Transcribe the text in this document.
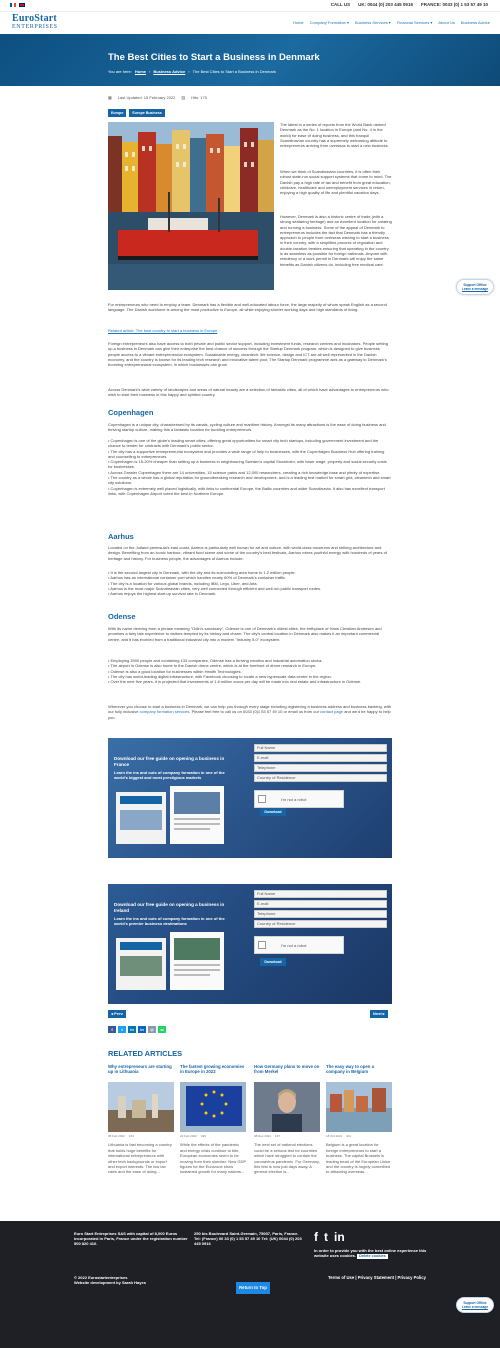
CALL US UK: 0044 (0) 203 445 0916 FRANCE: 0033 (0) 1 53 57 49 10
EuroStart
ENTERPRISES
Home Company Formation ▾ Business Services ▾ Financial Services ▾ About Us Business Advice
The Best Cities to Start a Business in Denmark
You are here: Home › Business Advice › The Best Cities to Start a Business in Denmark
▦ Last Updated: 15 February 2022 ▥ Hits: 175
Europe	Europe Business
The latest in a series of reports from the World Bank ranked Denmark as the No. 1 location in Europe (and No. 4 in the world) for ease of doing business, and this tranquil Scandinavian country has a supremely welcoming attitude to entrepreneurs arriving from overseas to start a new business.
When we think of Scandinavian countries, it is often their robust state-run social support systems that come to mind. The Danish pay a high rate of tax and benefit from great education, childcare, healthcare and unemployment services in return, enjoying a high quality of life and plentiful vacation days.
However, Denmark is also a historic centre of trade (with a strong seafaring heritage) and an excellent location for creating and running a business. Some of the appeal of Denmark to entrepreneurs includes the fact that Denmark has a friendly approach to people from overseas wishing to start a business in their country, with a simplified process of regulation and double-taxation treaties ensuring that operating in the country is as seamless as possible for foreign nationals. Anyone with residency or a work permit in Denmark will enjoy the same benefits as Danish citizens do, including free medical care.
For entrepreneurs who need to employ a team, Denmark has a flexible and well-educated labour force, the large majority of whom speak English as a second language. The Danish workforce is among the most productive in Europe, all while enjoying shorter working days and high standards of living.
Related article: The best country to start a business in Europe
Foreign entrepreneurs also have access to both private and public sector support, including investment funds, research centres and incubators. People setting up a business in Denmark can give their enterprise the best chance of success through the Startup Denmark program, which is designed to give business people access to a vibrant entrepreneurial ecosystem. Sustainable energy, cleantech, life science, design and ICT are all well represented in the Danish economy, and the country is known for its leading tech research and innovative talent pool. The Startup Denmark programme acts as a gateway to Denmark's booming entrepreneurial ecosystem, in which businesses can grow.
Across Denmark's wide variety of landscapes and areas of natural beauty are a selection of fantastic cities, all of which have advantages to entrepreneurs who wish to start their business in this happy and spirited country.
Copenhagen
Copenhagen is a unique city, characterised by its canals, cycling culture and maritime history. Amongst its many attractions is the ease of doing business and thriving startup culture, making this a fantastic location for budding entrepreneurs.
• Copenhagen is one of the globe's leading smart cities, offering great opportunities for smart city tech startups, including government investment and the chance to tender for contracts with Denmark's public sector.
• The city has a supportive entrepreneurial ecosystem and provides a wide range of help to businesses, with the Copenhagen Business Hub offering training and counselling to entrepreneurs.
• Copenhagen is 15-20% cheaper than setting up a business in neighbouring Sweden's capital Stockholm, with lower wage, property and social security costs for businesses.
• Across Greater Copenhagen there are 14 universities, 15 science parks and 12,000 researchers, creating a rich knowledge base and plenty of expertise.
• The country as a whole has a global reputation for groundbreaking research and development, and is a leading test market for smart grid, cleantech and smart city solutions.
• Copenhagen is extremely well placed logistically, with links to continental Europe, the Baltic countries and wider Scandinavia. It also has excellent transport links, with Copenhagen Airport voted the best in Northern Europe.
Aarhus
Located on the Jutland peninsula's east coast, Aarhus is particularly well known for art and culture, with world-class museums and striking architecture and design. Benefiting from an iconic harbour, vibrant food scene and some of the country's best festivals, Aarhus mixes youthful energy with hundreds of years of heritage and history. For business people, the advantages of Aarhus include:
• It is the second-largest city in Denmark, with the city and its surrounding area home to 1.2 million people.
• Aarhus has an international container port which handles nearly 60% of Denmark's container traffic.
• The city is a location for various global brands, including IBM, Lego, Uber, and Arla.
• Aarhus is the most major Scandinavian cities, very well connected through efficient and well run public transport routes.
• Aarhus enjoys the highest start-up survival rate in Denmark.
Odense
With its name deriving from a phrase meaning "Odin's sanctuary", Odense is one of Denmark's oldest cities, the birthplace of Hans Christian Andersen and promises a fairy tale experience to visitors tempted by its history and charm. The city's central location in Denmark also makes it an important commercial centre, and it has evolved from a traditional industrial city into a modern "Industry 5.0" ecosystem.
• Employing 3900 people and containing 133 companies, Odense has a thriving robotics and industrial automation sector.
• The airport in Odense is also home to the Danish drone centre, which is at the forefront of drone research in Europe.
• Odense is also a good location for businesses within Health Technologies.
• The city has world-leading digital infrastructure, with Facebook choosing to locate a new hyperscale data centre in the region.
• Over the next five years, it is projected that investments of 1.6 million euros per day will be made into real estate and infrastructure in Odense.
Wherever you choose to start a business in Denmark, we can help you through every stage including registering a business address and business banking, with our fully inclusive company formation services. Please feel free to call us on 0033 (0)1 53 57 49 10 or email us from our contact page and we'd be happy to help you.
Download our free guide on opening a business in France
Learn the ins and outs of company formation in one of the world's biggest and most prestigious markets
Full Name
E-mail
Telephone
Country of Residence
I'm not a robot
Download
Download our free guide on opening a business in Ireland
Learn the ins and outs of company formation in one of the world's premier business destinations
Full Name
E-mail
Telephone
Country of Residence
I'm not a robot
Download
◂ Prev	Next ▸
f	t	in	in	@	w
RELATED ARTICLES
Why entrepreneurs are starting up in Lithuania
08 Feb 2022 163
Lithuania is fast becoming a country that holds huge benefits for international entrepreneurs with other tech backgrounds or import and export interests. The low tax rates and the ease of doing...
The fastest growing economies in Europe in 2022
24 Feb 2022 196
While the effects of the pandemic and energy crisis continue to bite, European economies seem to be moving from their slumber. New GDP figures for the Eurozone show sustained growth for many nations...
How Germany plans to move on from Merkel
08 Dec 2021 137
The next set of national elections could be a serious test for countries which have struggled to contain the coronavirus pandemic. For Germany, this test is now just days away. A general election is...
The easy way to open a company in Belgium
18 Oct 2021 211
Belgium is a great location for foreign entrepreneurs to start a business. The capital Brussels is leading heart of the European Union and the country is hugely committed to attracting overseas...
Support Offline
Leave a message
Euro Start Entreprises SAS with capital of 8,000 Euros incorporated in Paris, France under the registration number 500 820 410.
250 bis Boulevard Saint-Germain, 75007, Paris, France. Tel: (France) 00 33 (0) 1 53 57 49 10 Tel: (UK) 0044 (0) 203 445 0916	f t in
In order to provide you with the best online experience this website uses cookies. Delete cookies
© 2022 Eurostartentreprises
Website development by Sarah Hayes
Terms of Use | Privacy Statement | Privacy Policy
Return to Top
Support Offline
Leave a message
